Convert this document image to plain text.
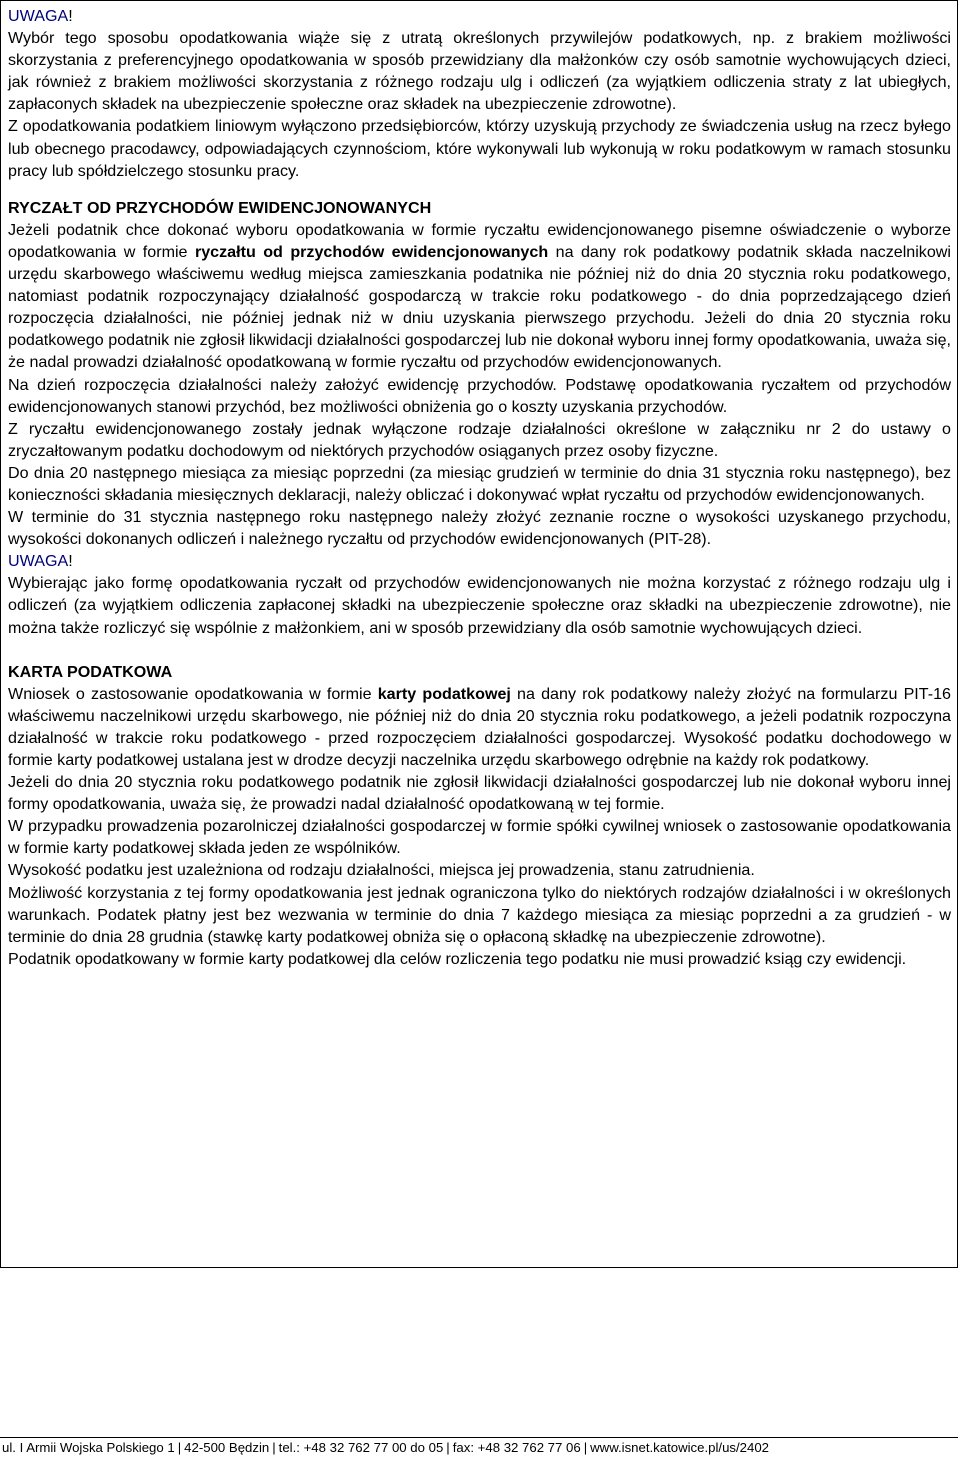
UWAGA!

Wybór tego sposobu opodatkowania wiąże się z utratą określonych przywilejów podatkowych, np. z brakiem możliwości skorzystania z preferencyjnego opodatkowania w sposób przewidziany dla małżonków czy osób samotnie wychowujących dzieci, jak również z brakiem możliwości skorzystania z różnego rodzaju ulg i odliczeń (za wyjątkiem odliczenia straty z lat ubiegłych, zapłaconych składek na ubezpieczenie społeczne oraz składek na ubezpieczenie zdrowotne).

Z opodatkowania podatkiem liniowym wyłączono przedsiębiorców, którzy uzyskują przychody ze świadczenia usług na rzecz byłego lub obecnego pracodawcy, odpowiadających czynnościom, które wykonywali lub wykonują w roku podatkowym w ramach stosunku pracy lub spółdzielczego stosunku pracy.

RYCZAŁT OD PRZYCHODÓW EWIDENCJONOWANYCH

Jeżeli podatnik chce dokonać wyboru opodatkowania w formie ryczałtu ewidencjonowanego pisemne oświadczenie o wyborze opodatkowania w formie ryczałtu od przychodów ewidencjonowanych na dany rok podatkowy podatnik składa naczelnikowi urzędu skarbowego właściwemu według miejsca zamieszkania podatnika nie później niż do dnia 20 stycznia roku podatkowego, natomiast podatnik rozpoczynający działalność gospodarczą w trakcie roku podatkowego - do dnia poprzedzającego dzień rozpoczęcia działalności, nie później jednak niż w dniu uzyskania pierwszego przychodu. Jeżeli do dnia 20 stycznia roku podatkowego podatnik nie zgłosił likwidacji działalności gospodarczej lub nie dokonał wyboru innej formy opodatkowania, uważa się, że nadal prowadzi działalność opodatkowaną w formie ryczałtu od przychodów ewidencjonowanych.

Na dzień rozpoczęcia działalności należy założyć ewidencję przychodów. Podstawę opodatkowania ryczałtem od przychodów ewidencjonowanych stanowi przychód, bez możliwości obniżenia go o koszty uzyskania przychodów.

Z ryczałtu ewidencjonowanego zostały jednak wyłączone rodzaje działalności określone w załączniku nr 2 do ustawy o zryczałtowanym podatku dochodowym od niektórych przychodów osiąganych przez osoby fizyczne.

Do dnia 20 następnego miesiąca za miesiąc poprzedni (za miesiąc grudzień w terminie do dnia 31 stycznia roku następnego), bez konieczności składania miesięcznych deklaracji, należy obliczać i dokonywać wpłat ryczałtu od przychodów ewidencjonowanych.

W terminie do 31 stycznia następnego roku następnego należy złożyć zeznanie roczne o wysokości uzyskanego przychodu, wysokości dokonanych odliczeń i należnego ryczałtu od przychodów ewidencjonowanych (PIT-28).

UWAGA!

Wybierając jako formę opodatkowania ryczałt od przychodów ewidencjonowanych nie można korzystać z różnego rodzaju ulg i odliczeń (za wyjątkiem odliczenia zapłaconej składki na ubezpieczenie społeczne oraz składki na ubezpieczenie zdrowotne), nie można także rozliczyć się wspólnie z małżonkiem, ani w sposób przewidziany dla osób samotnie wychowujących dzieci.

KARTA PODATKOWA

Wniosek o zastosowanie opodatkowania w formie karty podatkowej na dany rok podatkowy należy złożyć na formularzu PIT-16 właściwemu naczelnikowi urzędu skarbowego, nie później niż do dnia 20 stycznia roku podatkowego, a jeżeli podatnik rozpoczyna działalność w trakcie roku podatkowego - przed rozpoczęciem działalności gospodarczej. Wysokość podatku dochodowego w formie karty podatkowej ustalana jest w drodze decyzji naczelnika urzędu skarbowego odrębnie na każdy rok podatkowy.

Jeżeli do dnia 20 stycznia roku podatkowego podatnik nie zgłosił likwidacji działalności gospodarczej lub nie dokonał wyboru innej formy opodatkowania, uważa się, że prowadzi nadal działalność opodatkowaną w tej formie.

W przypadku prowadzenia pozarolniczej działalności gospodarczej w formie spółki cywilnej wniosek o zastosowanie opodatkowania w formie karty podatkowej składa jeden ze wspólników.

Wysokość podatku jest uzależniona od rodzaju działalności, miejsca jej prowadzenia, stanu zatrudnienia.

Możliwość korzystania z tej formy opodatkowania jest jednak ograniczona tylko do niektórych rodzajów działalności i w określonych warunkach. Podatek płatny jest bez wezwania w terminie do dnia 7 każdego miesiąca za miesiąc poprzedni a za grudzień - w terminie do dnia 28 grudnia (stawkę karty podatkowej obniża się o opłaconą składkę na ubezpieczenie zdrowotne).

Podatnik opodatkowany w formie karty podatkowej dla celów rozliczenia tego podatku nie musi prowadzić ksiąg czy ewidencji.

ul. I Armii Wojska Polskiego 1 | 42-500 Będzin | tel.: +48 32 762 77 00 do 05 | fax: +48 32 762 77 06 | www.isnet.katowice.pl/us/2402
